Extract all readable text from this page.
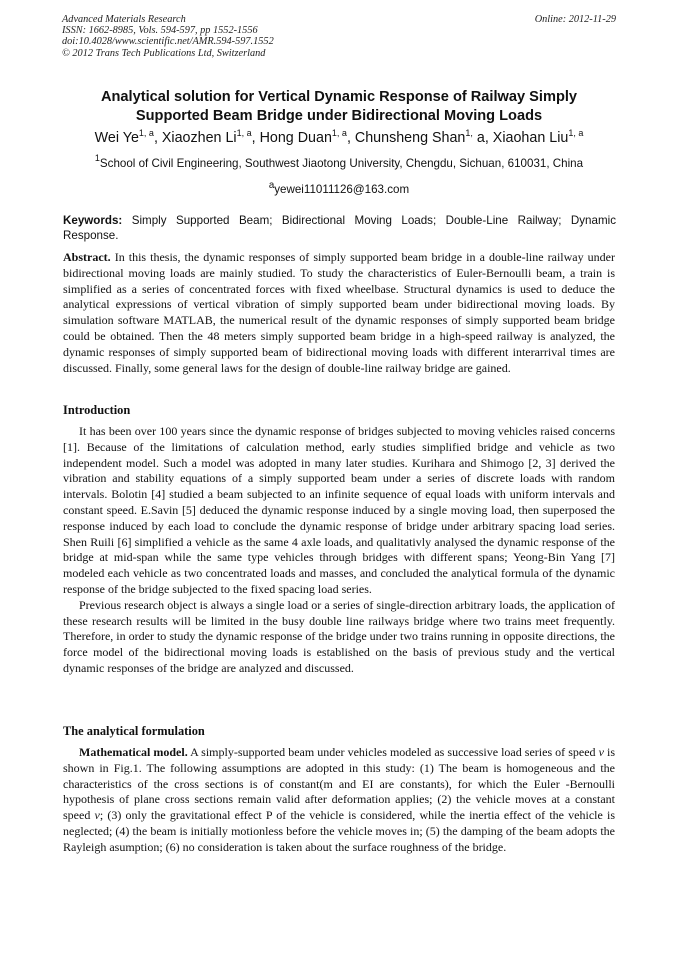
Advanced Materials Research
ISSN: 1662-8985, Vols. 594-597, pp 1552-1556
doi:10.4028/www.scientific.net/AMR.594-597.1552
© 2012 Trans Tech Publications Ltd, Switzerland
Online: 2012-11-29
Analytical solution for Vertical Dynamic Response of Railway Simply
Supported Beam Bridge under Bidirectional Moving Loads
Wei Ye$^{1, a}$, Xiaozhen Li$^{1, a}$, Hong Duan$^{1, a}$, Chunsheng Shan$^{1,}$ a, Xiaohan Liu$^{1, a}$
$^1$School of Civil Engineering, Southwest Jiaotong University, Chengdu, Sichuan, 610031, China
$^a$yewei11011126@163.com
Keywords: Simply Supported Beam; Bidirectional Moving Loads; Double-Line Railway; Dynamic Response.

Abstract. In this thesis, the dynamic responses of simply supported beam bridge in a double-line railway under bidirectional moving loads are mainly studied. To study the characteristics of Euler-Bernoulli beam, a train is simplified as a series of concentrated forces with fixed wheelbase. Structural dynamics is used to deduce the analytical expressions of vertical vibration of simply supported beam under bidirectional moving loads. By simulation software MATLAB, the numerical result of the dynamic responses of simply supported beam bridge could be obtained. Then the 48 meters simply supported beam bridge in a high-speed railway is analyzed, the dynamic responses of simply supported beam of bidirectional moving loads with different interarrival times are discussed. Finally, some general laws for the design of double-line railway bridge are gained.

Introduction

It has been over 100 years since the dynamic response of bridges subjected to moving vehicles raised concerns [1]. Because of the limitations of calculation method, early studies simplified bridge and vehicle as two independent model. Such a model was adopted in many later studies. Kurihara and Shimogo [2, 3] derived the vibration and stability equations of a simply supported beam under a series of discrete loads with random intervals. Bolotin [4] studied a beam subjected to an infinite sequence of equal loads with uniform intervals and constant speed. E.Savin [5] deduced the dynamic response induced by a single moving load, then superposed the response induced by each load to conclude the dynamic response of bridge under arbitrary spacing load series. Shen Ruili [6] simplified a vehicle as the same 4 axle loads, and qualitativly analysed the dynamic response of the bridge at mid-span while the same type vehicles through bridges with different spans; Yeong-Bin Yang [7] modeled each vehicle as two concentrated loads and masses, and concluded the analytical formula of the dynamic response of the bridge subjected to the fixed spacing load series.

Previous research object is always a single load or a series of single-direction arbitrary loads, the application of these research results will be limited in the busy double line railways bridge where two trains meet frequently. Therefore, in order to study the dynamic response of the bridge under two trains running in opposite directions, the force model of the bidirectional moving loads is established on the basis of previous study and the vertical dynamic responses of the bridge are analyzed and discussed.

The analytical formulation

Mathematical model. A simply-supported beam under vehicles modeled as successive load series of speed v is shown in Fig.1. The following assumptions are adopted in this study: (1) The beam is homogeneous and the characteristics of the cross sections is of constant(m and EI are constants), for which the Euler -Bernoulli hypothesis of plane cross sections remain valid after deformation applies; (2) the vehicle moves at a constant speed v; (3) only the gravitational effect P of the vehicle is considered, while the inertia effect of the vehicle is neglected; (4) the beam is initially motionless before the vehicle moves in; (5) the damping of the beam adopts the Rayleigh asumption; (6) no consideration is taken about the surface roughness of the bridge.
